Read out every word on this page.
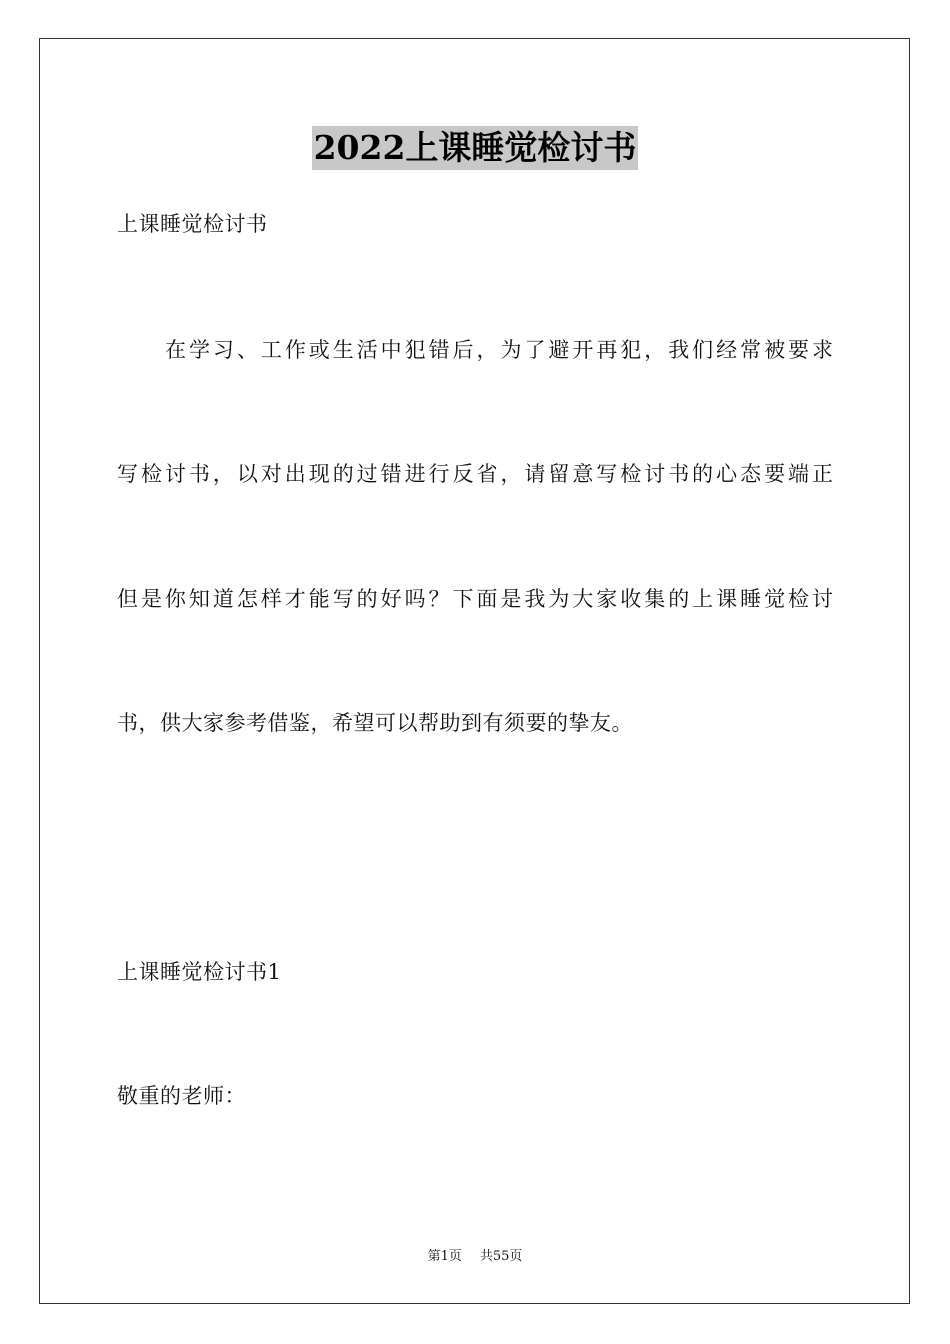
2022上课睡觉检讨书
上课睡觉检讨书
在学习、工作或生活中犯错后，为了避开再犯，我们经常被要求
写检讨书，以对出现的过错进行反省，请留意写检讨书的心态要端正
但是你知道怎样才能写的好吗？下面是我为大家收集的上课睡觉检讨
书，供大家参考借鉴，希望可以帮助到有须要的挚友。
上课睡觉检讨书1
敬重的老师：
第1页 共55页
